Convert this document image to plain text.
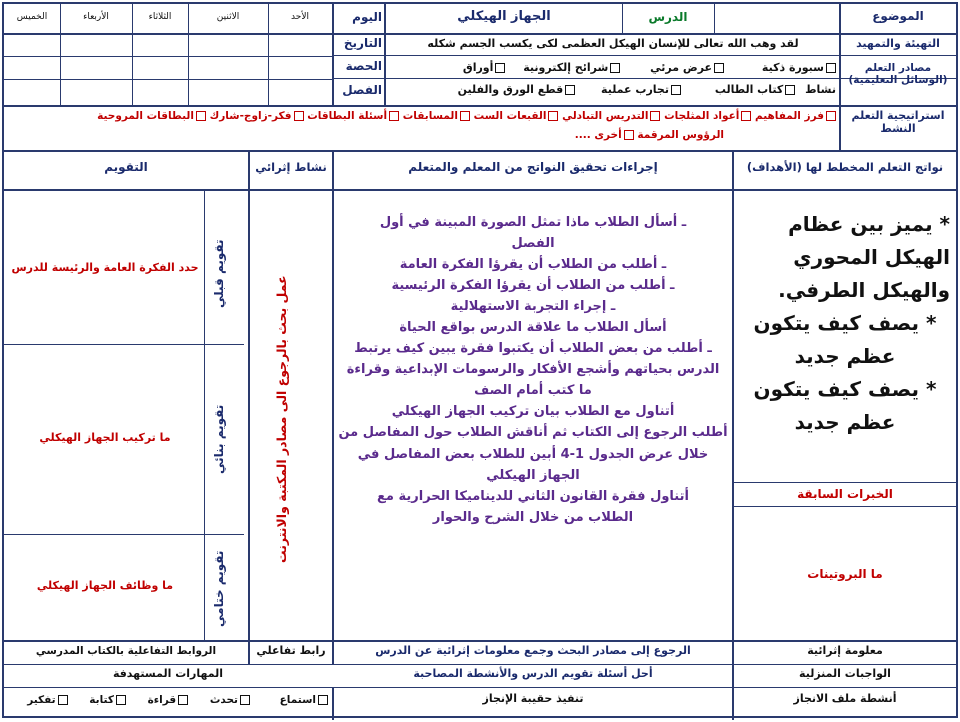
الموضوع
الدرس
الجهاز الهيكلي
اليوم
التاريخ
الحصة
الفصل
الأحد
الاثنين
الثلاثاء
الأربعاء
الخميس
التهيئة والتمهيد
لقد وهب الله تعالى للإنسان الهيكل العظمى لكى يكسب الجسم شكله
مصادر التعلم (الوسائل التعليمية)
سبورة ذكية عرض مرئي شرائح إلكترونية أوراق
نشاط كتاب الطالب تجارب عملية قطع الورق والفلين
استراتيجية التعلم النشط
فرز المفاهيم أعواد المثلجات التدريس التبادلي القبعات الست المسابقات أسئلة البطاقات فكر-زاوج-شارك البطاقات المروحية
الرؤوس المرقمة أخرى ....
نواتج التعلم المخطط لها (الأهداف)
إجراءات تحقيق النواتج من المعلم والمتعلم
نشاط إثرائي
التقويم
* يميز بين عظام الهيكل المحوري والهيكل الطرفي.
* يصف كيف يتكون عظم جديد
* يصف كيف يتكون عظم جديد
الخبرات السابقة
ما البروتينات
ـ أسأل الطلاب ماذا تمثل الصورة المبينة في أول الفصل
ـ أطلب من الطلاب أن يقرؤا الفكرة العامة
ـ أطلب من الطلاب أن يقرؤا الفكرة الرئيسية
ـ إجراء التجربة الاستهلالية
أسأل الطلاب ما علاقة الدرس بواقع الحياة
ـ أطلب من بعض الطلاب أن يكتبوا فقرة يبين كيف يرتبط الدرس بحياتهم وأشجع الأفكار والرسومات الإبداعية وقراءة ما كتب أمام الصف
أتناول مع الطلاب بيان تركيب الجهاز الهيكلي
أطلب الرجوع إلى الكتاب ثم أناقش الطلاب حول المفاصل من خلال عرض الجدول 1-4 أبين للطلاب بعض المفاصل في الجهاز الهيكلي
أتناول فقرة القانون الثاني للديناميكا الحرارية مع الطلاب من خلال الشرح والحوار
عمل بحث بالرجوع الى مصادر المكتبة والانترنت
تقويم قبلي
حدد الفكرة العامة والرئيسة للدرس
تقويم بنائي
ما تركيب الجهاز الهيكلي
تقويم ختامي
ما وظائف الجهاز الهيكلي
معلومة إثرائية
الرجوع إلى مصادر البحث وجمع معلومات إثرائية عن الدرس
رابط تفاعلي
الروابط التفاعلية بالكتاب المدرسي
الواجبات المنزلية
أحل أسئلة تقويم الدرس والأنشطة المصاحبة
المهارات المستهدفة
أنشطة ملف الانجاز
تنفيذ حقيبة الإنجاز
استماع تحدث قراءة كتابة تفكير
